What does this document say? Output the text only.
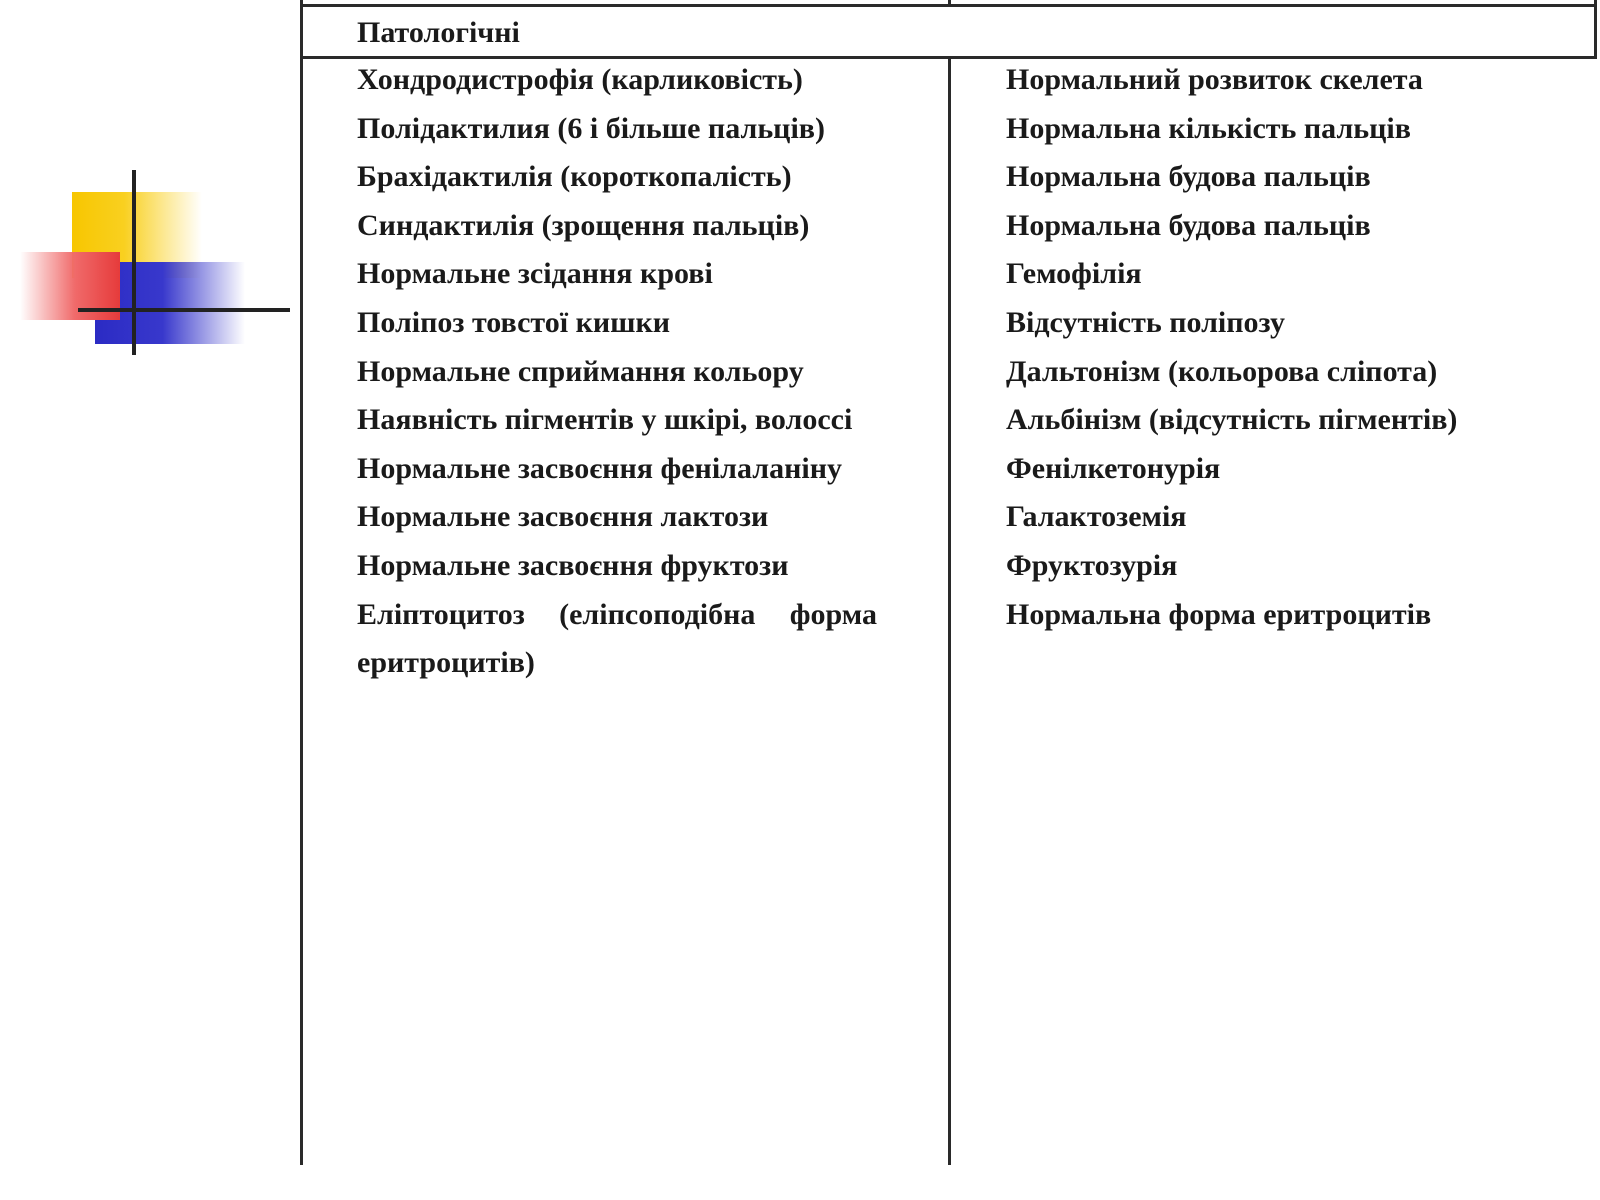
Патологічні

Хондродистрофія (карликовість)

Полідактилия (6 і більше пальців)

Брахідактилія (короткопалість)

Синдактилія (зрощення пальців)

Нормальне зсідання крові

Поліпоз товстої кишки

Нормальне сприймання кольору

Наявність пігментів у шкірі, волоссі

Нормальне засвоєння фенілаланіну

Нормальне засвоєння лактози

Нормальне засвоєння фруктози

Еліптоцитоз (еліпсоподібна форма еритроцитів)

Нормальний розвиток скелета

Нормальна кількість пальців

Нормальна будова пальців

Нормальна будова пальців

Гемофілія

Відсутність поліпозу

Дальтонізм (кольорова сліпота)

Альбінізм (відсутність пігментів)

Фенілкетонурія

Галактоземія

Фруктозурія

Нормальна форма еритроцитів
